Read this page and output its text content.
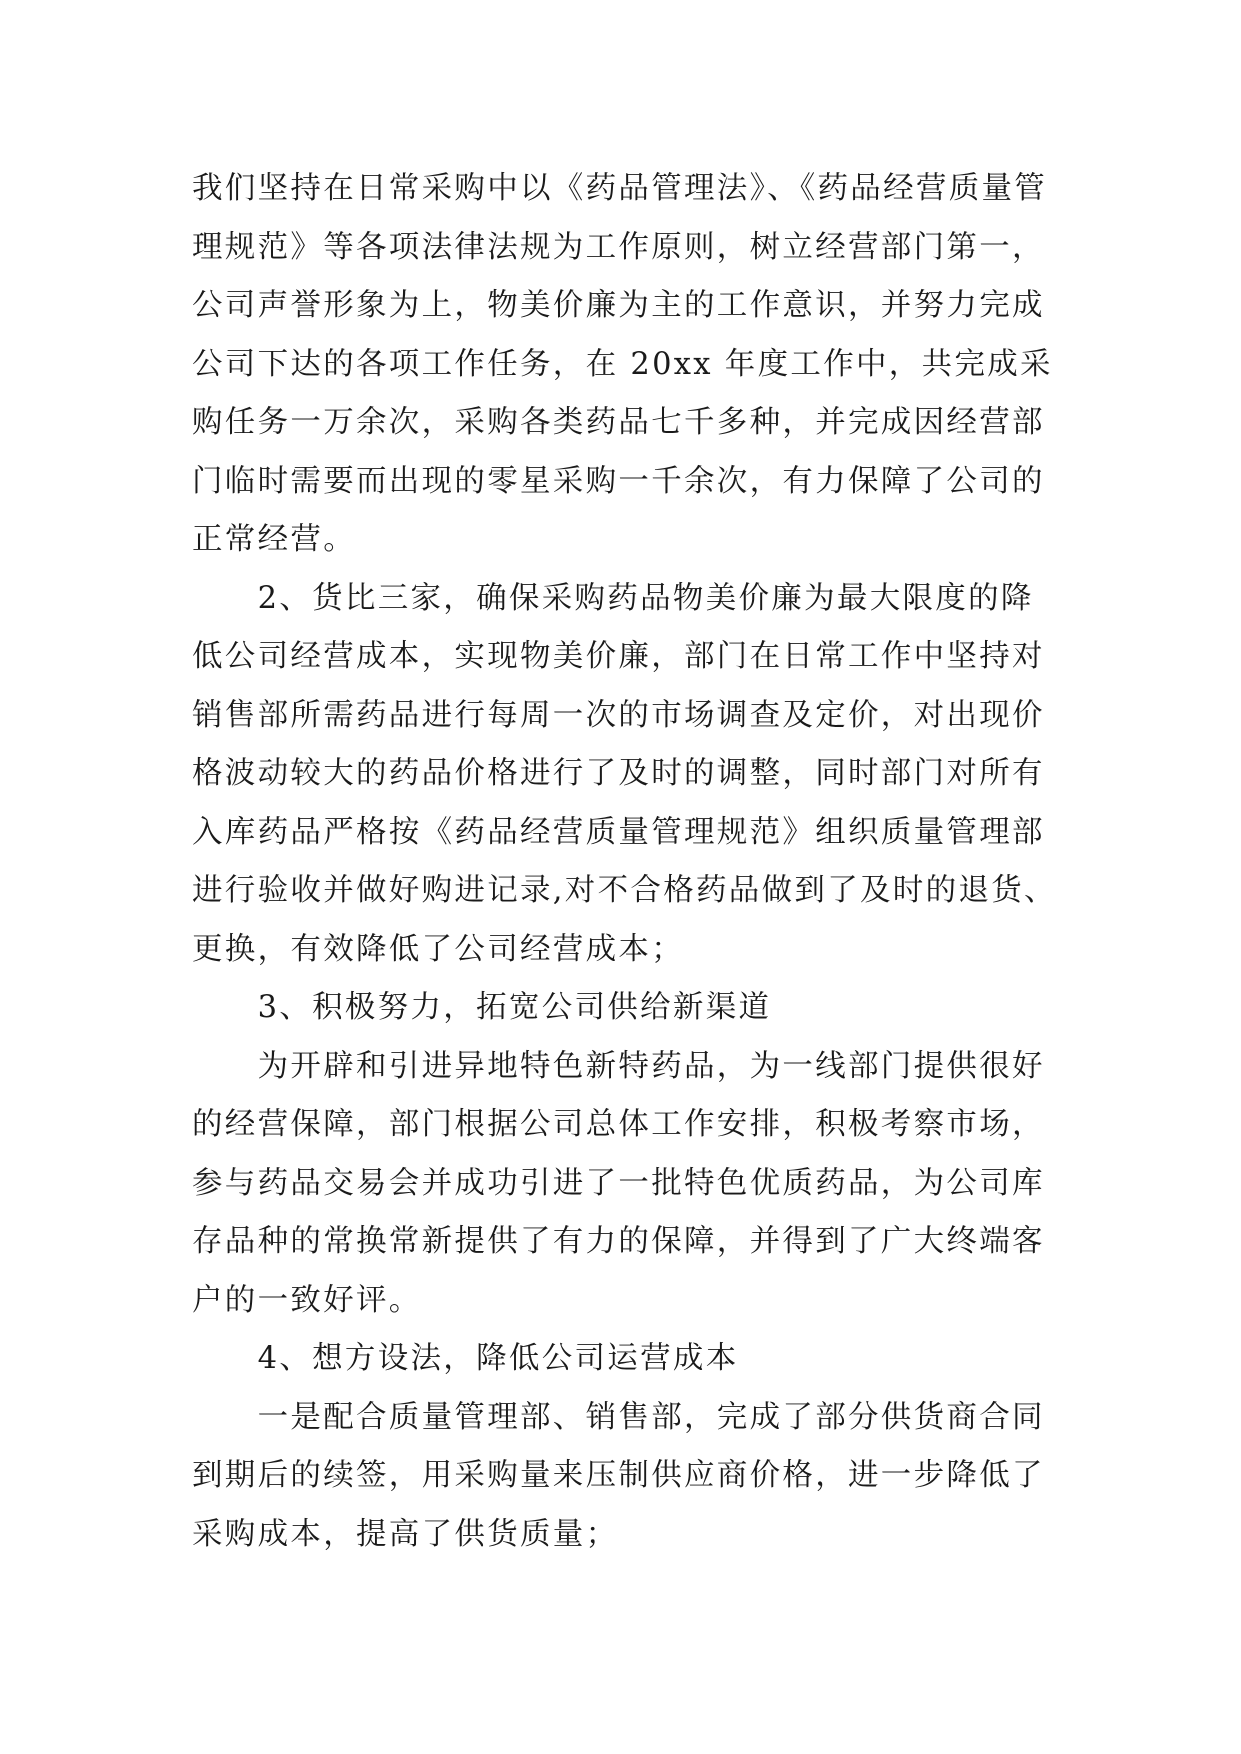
我们坚持在日常采购中以《药品管理法》、《药品经营质量管
理规范》等各项法律法规为工作原则，树立经营部门第一，
公司声誉形象为上，物美价廉为主的工作意识，并努力完成
公司下达的各项工作任务，在 20xx 年度工作中，共完成采
购任务一万余次，采购各类药品七千多种，并完成因经营部
门临时需要而出现的零星采购一千余次，有力保障了公司的
正常经营。
　　2、货比三家，确保采购药品物美价廉为最大限度的降
低公司经营成本，实现物美价廉，部门在日常工作中坚持对
销售部所需药品进行每周一次的市场调查及定价，对出现价
格波动较大的药品价格进行了及时的调整，同时部门对所有
入库药品严格按《药品经营质量管理规范》组织质量管理部
进行验收并做好购进记录,对不合格药品做到了及时的退货、
更换，有效降低了公司经营成本；
　　3、积极努力，拓宽公司供给新渠道
　　为开辟和引进异地特色新特药品，为一线部门提供很好
的经营保障，部门根据公司总体工作安排，积极考察市场，
参与药品交易会并成功引进了一批特色优质药品，为公司库
存品种的常换常新提供了有力的保障，并得到了广大终端客
户的一致好评。
　　4、想方设法，降低公司运营成本
　　一是配合质量管理部、销售部，完成了部分供货商合同
到期后的续签，用采购量来压制供应商价格，进一步降低了
采购成本，提高了供货质量；
